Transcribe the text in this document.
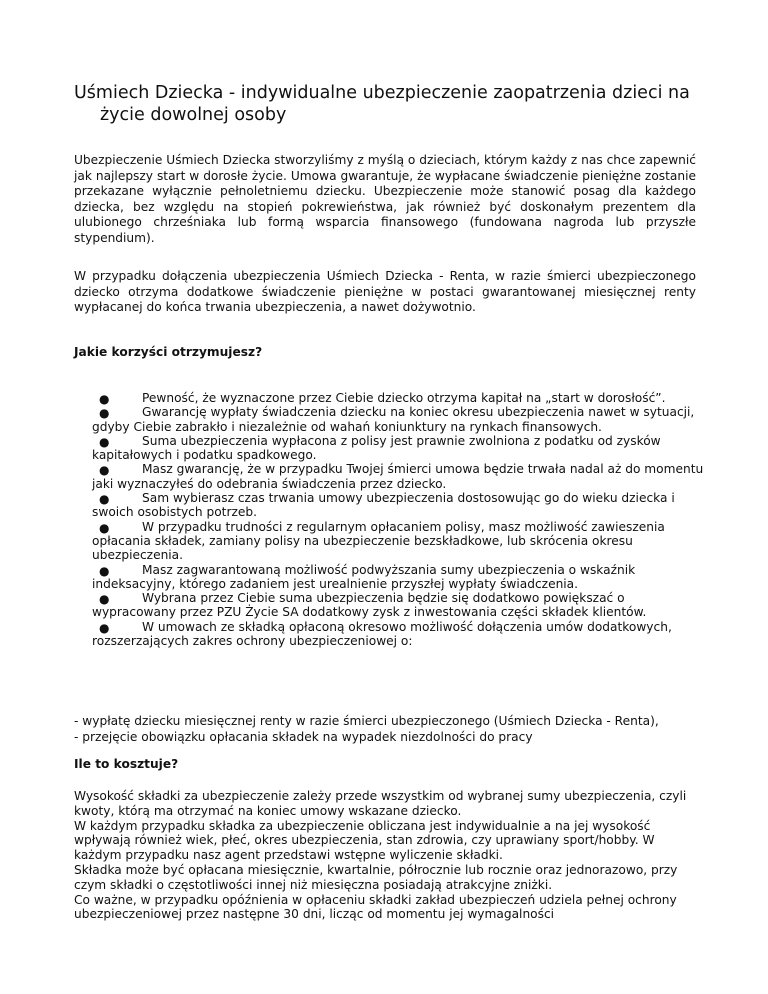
Uśmiech Dziecka - indywidualne ubezpieczenie zaopatrzenia dzieci na życie dowolnej osoby

Ubezpieczenie Uśmiech Dziecka stworzyliśmy z myślą o dzieciach, którym każdy z nas chce zapewnić jak najlepszy start w dorosłe życie. Umowa gwarantuje, że wypłacane świadczenie pieniężne zostanie przekazane wyłącznie pełnoletniemu dziecku. Ubezpieczenie może stanowić posag dla każdego dziecka, bez względu na stopień pokrewieństwa, jak również być doskonałym prezentem dla ulubionego chrześniaka lub formą wsparcia finansowego (fundowana nagroda lub przyszłe stypendium).

W przypadku dołączenia ubezpieczenia Uśmiech Dziecka - Renta, w razie śmierci ubezpieczonego dziecko otrzyma dodatkowe świadczenie pieniężne w postaci gwarantowanej miesięcznej renty wypłacanej do końca trwania ubezpieczenia, a nawet dożywotnio.

Jakie korzyści otrzymujesz?
●	Pewność, że wyznaczone przez Ciebie dziecko otrzyma kapitał na „start w dorosłość”.
●	Gwarancję wypłaty świadczenia dziecku na koniec okresu ubezpieczenia nawet w sytuacji, gdyby Ciebie zabrakło i niezależnie od wahań koniunktury na rynkach finansowych.
●	Suma ubezpieczenia wypłacona z polisy jest prawnie zwolniona z podatku od zysków kapitałowych i podatku spadkowego.
●	Masz gwarancję, że w przypadku Twojej śmierci umowa będzie trwała nadal aż do momentu jaki wyznaczyłeś do odebrania świadczenia przez dziecko.
●	Sam wybierasz czas trwania umowy ubezpieczenia dostosowując go do wieku dziecka i swoich osobistych potrzeb.
●	W przypadku trudności z regularnym opłacaniem polisy, masz możliwość zawieszenia opłacania składek, zamiany polisy na ubezpieczenie bezskładkowe, lub skrócenia okresu ubezpieczenia.
●	Masz zagwarantowaną możliwość podwyższania sumy ubezpieczenia o wskaźnik indeksacyjny, którego zadaniem jest urealnienie przyszłej wypłaty świadczenia.
●	Wybrana przez Ciebie suma ubezpieczenia będzie się dodatkowo powiększać o wypracowany przez PZU Życie SA dodatkowy zysk z inwestowania części składek klientów.
●	W umowach ze składką opłaconą okresowo możliwość dołączenia umów dodatkowych, rozszerzających zakres ochrony ubezpieczeniowej o:
- wypłatę dziecku miesięcznej renty w razie śmierci ubezpieczonego (Uśmiech Dziecka - Renta),
- przejęcie obowiązku opłacania składek na wypadek niezdolności do pracy
Ile to kosztuje?
Wysokość składki za ubezpieczenie zależy przede wszystkim od wybranej sumy ubezpieczenia, czyli kwoty, którą ma otrzymać na koniec umowy wskazane dziecko.
W każdym przypadku składka za ubezpieczenie obliczana jest indywidualnie a na jej wysokość wpływają również wiek, płeć, okres ubezpieczenia, stan zdrowia, czy uprawiany sport/hobby. W każdym przypadku nasz agent przedstawi wstępne wyliczenie składki.
Składka może być opłacana miesięcznie, kwartalnie, półrocznie lub rocznie oraz jednorazowo, przy czym składki o częstotliwości innej niż miesięczna posiadają atrakcyjne zniżki.
Co ważne, w przypadku opóźnienia w opłaceniu składki zakład ubezpieczeń udziela pełnej ochrony ubezpieczeniowej przez następne 30 dni, licząc od momentu jej wymagalności
